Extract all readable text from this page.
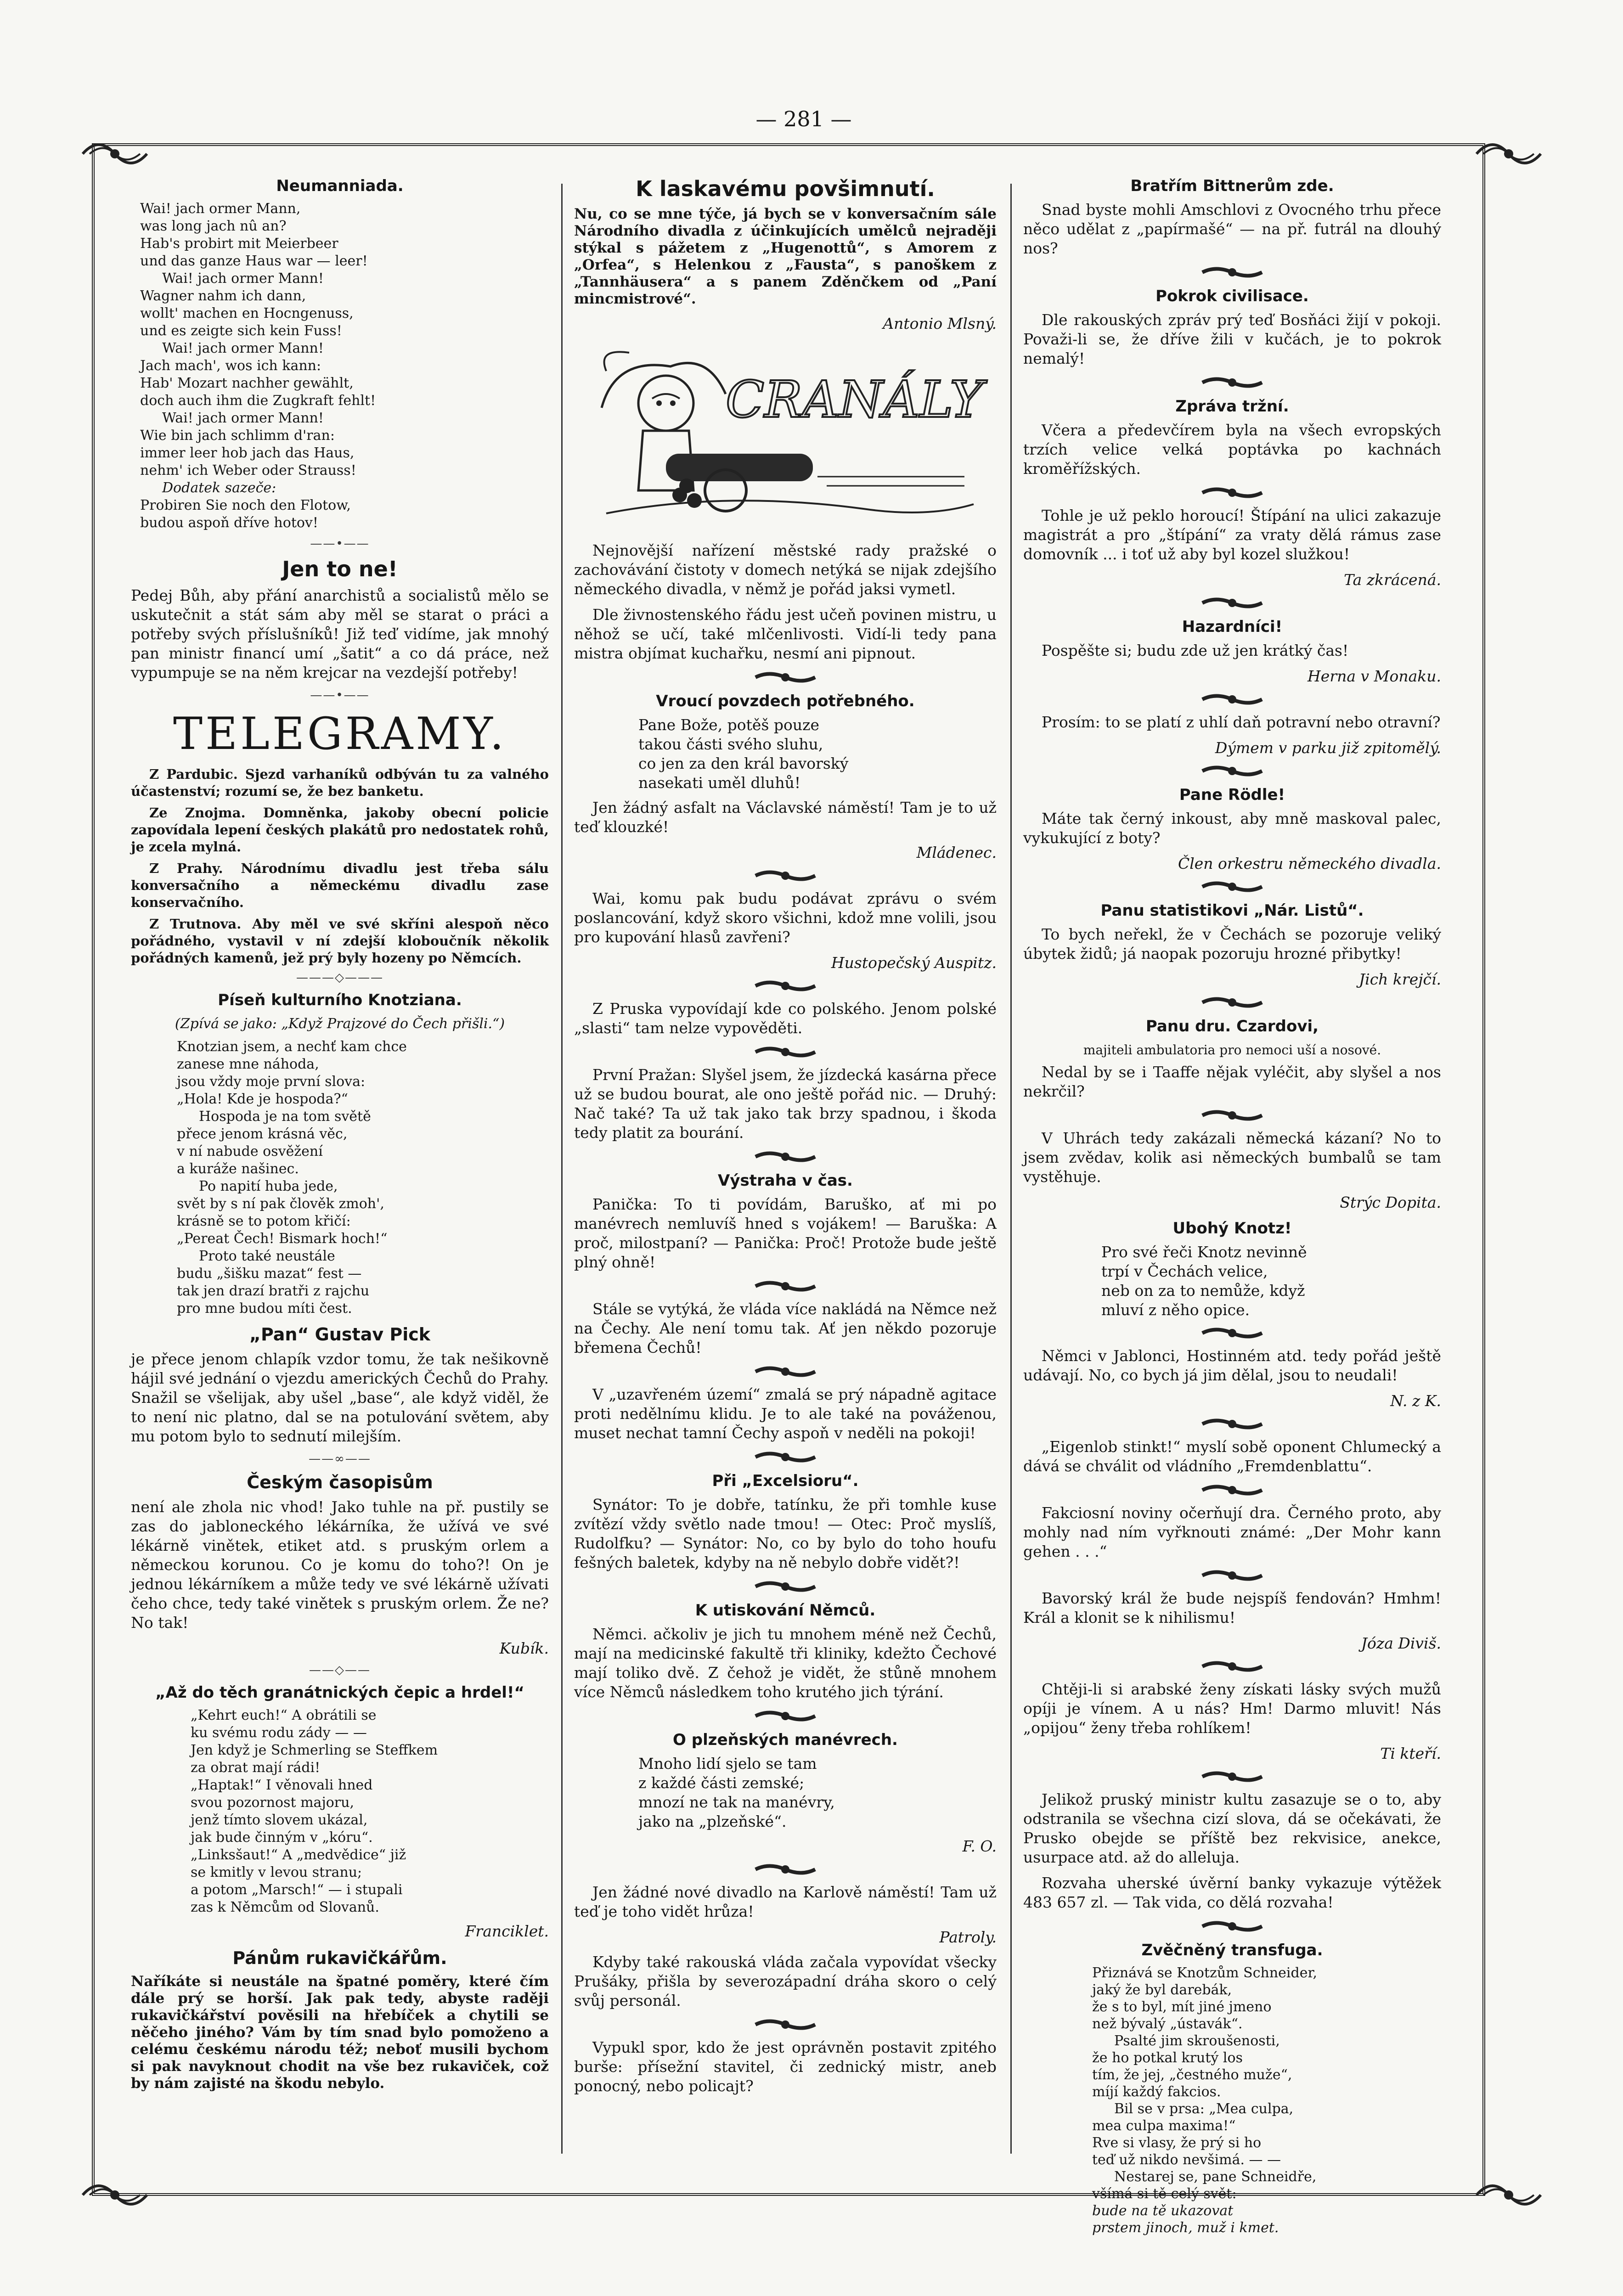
— 281 —
Neumanniada.
Wai! jach ormer Mann,
was long jach nû an?
Hab's probirt mit Meierbeer
und das ganze Haus war — leer!
Wai! jach ormer Mann!
Wagner nahm ich dann,
wollt' machen en Hocngenuss,
und es zeigte sich kein Fuss!
Wai! jach ormer Mann!
Jach mach', wos ich kann:
Hab' Mozart nachher gewählt,
doch auch ihm die Zugkraft fehlt!
Wai! jach ormer Mann!
Wie bin jach schlimm d'ran:
immer leer hob jach das Haus,
nehm' ich Weber oder Strauss!
Dodatek sazeče:
Probiren Sie noch den Flotow,
budou aspoň dříve hotov!
——•——
Jen to ne!

Pedej Bůh, aby přání anarchistů a socialistů mělo se uskutečnit a stát sám aby měl se starat o práci a potřeby svých příslušníků! Již teď vidíme, jak mnohý pan ministr financí umí „šatit“ a co dá práce, než vypumpuje se na něm krejcar na vezdejší potřeby!

——•——
TELEGRAMY.
Z Pardubic. Sjezd varhaníků odbýván tu za valného účastenství; rozumí se, že bez banketu.
Ze Znojma. Domněnka, jakoby obecní policie zapovídala lepení českých plakátů pro nedostatek rohů, je zcela mylná.
Z Prahy. Národnímu divadlu jest třeba sálu konversačního a německému divadlu zase konservačního.
Z Trutnova. Aby měl ve své skříni alespoň něco pořádného, vystavil v ní zdejší kloboučník několik pořádných kamenů, jež prý byly hozeny po Němcích.
———◇———
Píseň kulturního Knotziana.
(Zpívá se jako: „Když Prajzové do Čech přišli.“)
Knotzian jsem, a nechť kam chce
zanese mne náhoda,
jsou vždy moje první slova:
„Hola! Kde je hospoda?“
Hospoda je na tom světě
přece jenom krásná věc,
v ní nabude osvěžení
a kuráže našinec.
Po napití huba jede,
svět by s ní pak člověk zmoh',
krásně se to potom křičí:
„Pereat Čech! Bismark hoch!“
Proto také neustále
budu „šišku mazat“ fest —
tak jen drazí bratři z rajchu
pro mne budou míti čest.
„Pan“ Gustav Pick

je přece jenom chlapík vzdor tomu, že tak nešikovně hájil své jednání o vjezdu amerických Čechů do Prahy. Snažil se všelijak, aby ušel „base“, ale když viděl, že to není nic platno, dal se na potulování světem, aby mu potom bylo to sednutí milejším.

——∞——
Českým časopisům

není ale zhola nic vhod! Jako tuhle na př. pustily se zas do jabloneckého lékárníka, že užívá ve své lékárně vinětek, etiket atd. s pruským orlem a německou korunou. Co je komu do toho?! On je jednou lékárníkem a může tedy ve své lékárně užívati čeho chce, tedy také vinětek s pruským orlem. Že ne? No tak!

Kubík.
——◇——
„Až do těch granátnických čepic a hrdel!“
„Kehrt euch!“ A obrátili se
ku svému rodu zády — —
Jen když je Schmerling se Steffkem
za obrat mají rádi!
„Haptak!“ I věnovali hned
svou pozornost majoru,
jenž tímto slovem ukázal,
jak bude činným v „kóru“.
„Linksšaut!“ A „medvědice“ již
se kmitly v levou stranu;
a potom „Marsch!“ — i stupali
zas k Němcům od Slovanů.
Franciklet.
Pánům rukavičkářům.

Naříkáte si neustále na špatné poměry, které čím dále prý se horší. Jak pak tedy, abyste raději rukavičkářství pověsili na hřebíček a chytili se něčeho jiného? Vám by tím snad bylo pomoženo a celému českému národu též; neboť musili bychom si pak navyknout chodit na vše bez rukaviček, což by nám zajisté na škodu nebylo.

K laskavému povšimnutí.

Nu, co se mne týče, já bych se v konversačním sále Národního divadla z účinkujících umělců nejraději stýkal s pážetem z „Hugenottů“, s Amorem z „Orfea“, s Helenkou z „Fausta“, s panoškem z „Tannhäusera“ a s panem Zděnčkem od „Paní mincmistrové“.

Antonio Mlsný.
CRANÁLY

Nejnovější nařízení městské rady pražské o zachovávání čistoty v domech netýká se nijak zdejšího německého divadla, v němž je pořád jaksi vymetl.

Dle živnostenského řádu jest učeň povinen mistru, u něhož se učí, také mlčenlivosti. Vidí-li tedy pana mistra objímat kuchařku, nesmí ani pipnout.

Vroucí povzdech potřebného.
Pane Bože, potěš pouze
takou části svého sluhu,
co jen za den král bavorský
nasekati uměl dluhů!

Jen žádný asfalt na Václavské náměstí! Tam je to už teď klouzké!

Mládenec.

Wai, komu pak budu podávat zprávu o svém poslancování, když skoro všichni, kdož mne volili, jsou pro kupování hlasů zavřeni?

Hustopečský Auspitz.

Z Pruska vypovídají kde co polského. Jenom polské „slasti“ tam nelze vypověděti.

První Pražan: Slyšel jsem, že jízdecká kasárna přece už se budou bourat, ale ono ještě pořád nic. — Druhý: Nač také? Ta už tak jako tak brzy spadnou, i škoda tedy platit za bourání.

Výstraha v čas.

Panička: To ti povídám, Baruško, ať mi po manévrech nemluvíš hned s vojákem! — Baruška: A proč, milostpaní? — Panička: Proč! Protože bude ještě plný ohně!

Stále se vytýká, že vláda více nakládá na Němce než na Čechy. Ale není tomu tak. Ať jen někdo pozoruje břemena Čechů!

V „uzavřeném území“ zmalá se prý nápadně agitace proti nedělnímu klidu. Je to ale také na pováženou, muset nechat tamní Čechy aspoň v neděli na pokoji!

Při „Excelsioru“.

Synátor: To je dobře, tatínku, že při tomhle kuse zvítězí vždy světlo nade tmou! — Otec: Proč myslíš, Rudolfku? — Synátor: No, co by bylo do toho houfu fešných baletek, kdyby na ně nebylo dobře vidět?!

K utiskování Němců.

Němci. ačkoliv je jich tu mnohem méně než Čechů, mají na medicinské fakultě tři kliniky, kdežto Čechové mají toliko dvě. Z čehož je vidět, že stůně mnohem více Němců následkem toho krutého jich týrání.

O plzeňských manévrech.
Mnoho lidí sjelo se tam
z každé části zemské;
mnozí ne tak na manévry,
jako na „plzeňské“.
F. O.

Jen žádné nové divadlo na Karlově náměstí! Tam už teď je toho vidět hrůza!

Patroly.

Kdyby také rakouská vláda začala vypovídat všecky Prušáky, přišla by severozápadní dráha skoro o celý svůj personál.

Vypukl spor, kdo že jest oprávněn postavit zpitého burše: přísežní stavitel, či zednický mistr, aneb ponocný, nebo policajt?

Bratřím Bittnerům zde.

Snad byste mohli Amschlovi z Ovocného trhu přece něco udělat z „papírmašé“ — na př. futrál na dlouhý nos?

Pokrok civilisace.

Dle rakouských zpráv prý teď Bosňáci žijí v pokoji. Považi-li se, že dříve žili v kučách, je to pokrok nemalý!

Zpráva tržní.

Včera a předevčírem byla na všech evropských trzích velice velká poptávka po kachnách kroměřížských.

Tohle je už peklo horoucí! Štípání na ulici zakazuje magistrát a pro „štípání“ za vraty dělá rámus zase domovník ... i toť už aby byl kozel služkou!

Ta zkrácená.
Hazardníci!

Pospěšte si; budu zde už jen krátký čas!

Herna v Monaku.

Prosím: to se platí z uhlí daň potravní nebo otravní?

Dýmem v parku již zpitomělý.
Pane Rödle!

Máte tak černý inkoust, aby mně maskoval palec, vykukující z boty?

Člen orkestru německého divadla.
Panu statistikovi „Nár. Listů“.

To bych neřekl, že v Čechách se pozoruje veliký úbytek židů; já naopak pozoruju hrozné přibytky!

Jich krejčí.
Panu dru. Czardovi,
majiteli ambulatoria pro nemoci uší a nosové.

Nedal by se i Taaffe nějak vyléčit, aby slyšel a nos nekrčil?

V Uhrách tedy zakázali německá kázaní? No to jsem zvědav, kolik asi německých bumbalů se tam vystěhuje.

Strýc Dopita.
Ubohý Knotz!
Pro své řeči Knotz nevinně
trpí v Čechách velice,
neb on za to nemůže, když
mluví z něho opice.

Němci v Jablonci, Hostinném atd. tedy pořád ještě udávají. No, co bych já jim dělal, jsou to neudali!

N. z K.

„Eigenlob stinkt!“ myslí sobě oponent Chlumecký a dává se chválit od vládního „Fremdenblattu“.

Fakciosní noviny očerňují dra. Černého proto, aby mohly nad ním vyřknouti známé: „Der Mohr kann gehen . . .“

Bavorský král že bude nejspíš fendován? Hmhm! Král a klonit se k nihilismu!

Józa Diviš.

Chtěji-li si arabské ženy získati lásky svých mužů opíji je vínem. A u nás? Hm! Darmo mluvit! Nás „opijou“ ženy třeba rohlíkem!

Ti kteří.

Jelikož pruský ministr kultu zasazuje se o to, aby odstranila se všechna cizí slova, dá se očekávati, že Prusko obejde se příště bez rekvisice, anekce, usurpace atd. až do alleluja.

Rozvaha uherské úvěrní banky vykazuje výtěžek 483 657 zl. — Tak vida, co dělá rozvaha!

Zvěčněný transfuga.
Přiznává se Knotzům Schneider,
jaký že byl darebák,
že s to byl, mít jiné jmeno
než bývalý „ústavák“.
Psalté jim skroušenosti,
že ho potkal krutý los
tím, že jej, „čestného muže“,
míjí každý fakcios.
Bil se v prsa: „Mea culpa,
mea culpa maxima!“
Rve si vlasy, že prý si ho
teď už nikdo nevšimá. — —
Nestarej se, pane Schneidře,
všímá si tě celý svět:
bude na tě ukazovat
prstem jinoch, muž i kmet.
